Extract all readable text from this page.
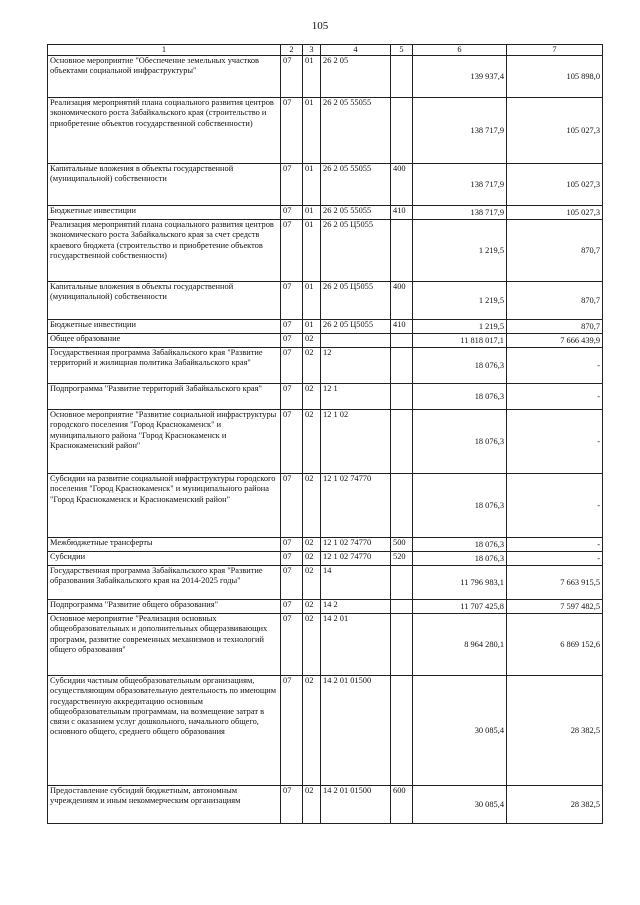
105
1	2	3	4	5	6	7
Основное мероприятие "Обеспечение земельных участков объектами социальной инфраструктуры"	07	01	26 2 05		139 937,4	105 898,0
Реализация мероприятий плана социального развития центров экономического роста Забайкальского края (строительство и приобретение объектов государственной собственности)	07	01	26 2 05 55055		138 717,9	105 027,3
Капитальные вложения в объекты государственной (муниципальной) собственности	07	01	26 2 05 55055	400	138 717,9	105 027,3
Бюджетные инвестиции	07	01	26 2 05 55055	410	138 717,9	105 027,3
Реализация мероприятий плана социального развития центров экономического роста Забайкальского края за счет средств краевого бюджета (строительство и приобретение объектов государственной собственности)	07	01	26 2 05 Ц5055		1 219,5	870,7
Капитальные вложения в объекты государственной (муниципальной) собственности	07	01	26 2 05 Ц5055	400	1 219,5	870,7
Бюджетные инвестиции	07	01	26 2 05 Ц5055	410	1 219,5	870,7
Общее образование	07	02			11 818 017,1	7 666 439,9
Государственная программа Забайкальского края "Развитие территорий и жилищная политика Забайкальского края"	07	02	12		18 076,3	-
Подпрограмма "Развитие территорий Забайкальского края"	07	02	12 1		18 076,3	-
Основное мероприятие "Развитие социальной инфраструктуры городского поселения "Город Краснокаменск" и муниципального района "Город Краснокаменск и Краснокаменский район"	07	02	12 1 02		18 076,3	-
Субсидии на развитие социальной инфраструктуры городского поселения "Город Краснокаменск" и муниципального района "Город Краснокаменск и Краснокаменский район"	07	02	12 1 02 74770		18 076,3	-
Межбюджетные трансферты	07	02	12 1 02 74770	500	18 076,3	-
Субсидии	07	02	12 1 02 74770	520	18 076,3	-
Государственная программа Забайкальского края "Развитие образования Забайкальского края на 2014-2025 годы"	07	02	14		11 796 983,1	7 663 915,5
Подпрограмма "Развитие общего образования"	07	02	14 2		11 707 425,8	7 597 482,5
Основное мероприятие "Реализация основных общеобразовательных и дополнительных общеразвивающих программ, развитие современных механизмов и технологий общего образования"	07	02	14 2 01		8 964 280,1	6 869 152,6
Субсидии частным общеобразовательным организациям, осуществляющим образовательную деятельность по имеющим государственную аккредитацию основным общеобразовательным программам, на возмещение затрат в связи с оказанием услуг дошкольного, начального общего, основного общего, среднего общего образования	07	02	14 2 01 01500		30 085,4	28 382,5
Предоставление субсидий бюджетным, автономным учреждениям и иным некоммерческим организациям	07	02	14 2 01 01500	600	30 085,4	28 382,5
